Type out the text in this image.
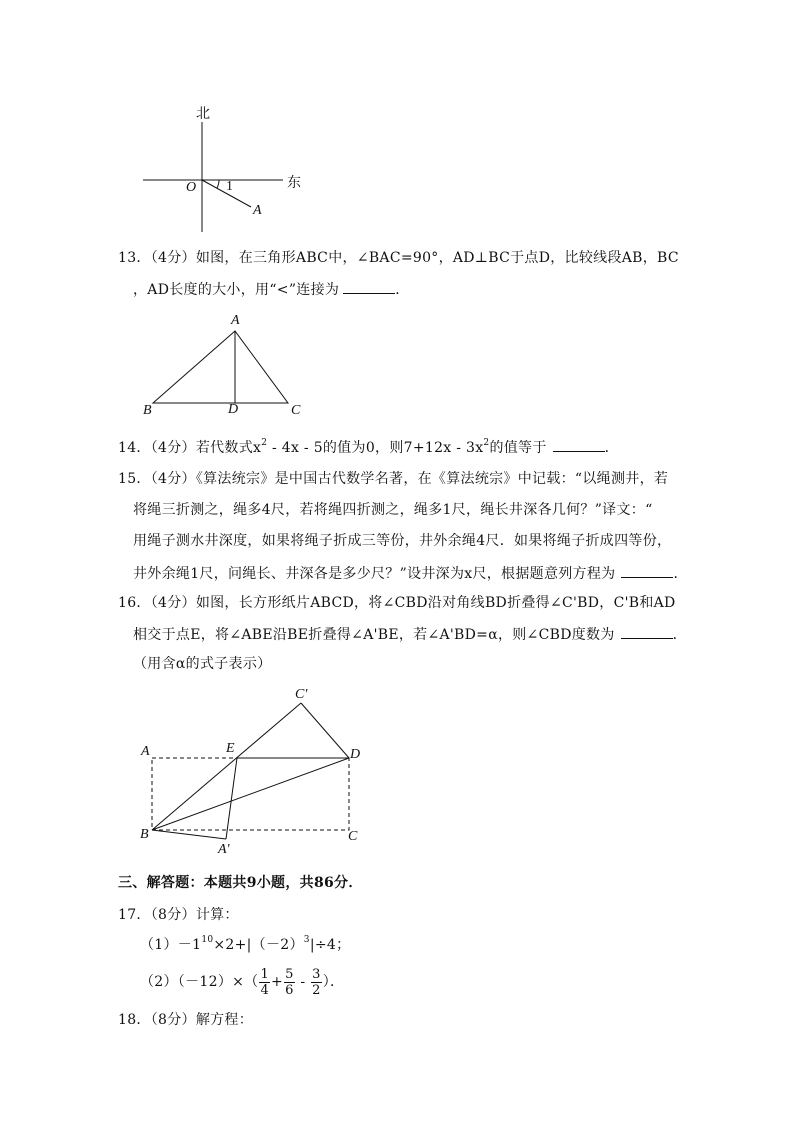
北
东
O 1
A
13．（4分）如图，在三角形ABC中，∠BAC=90°，AD⊥BC于点D，比较线段AB，BC
，AD长度的大小，用“<”连接为	．
A
B	D	C
14．（4分）若代数式$x^2 - 4x - 5$的值为0，则$7+12x - 3x^2$的值等于	．
15．（4分）《算法统宗》是中国古代数学名著，在《算法统宗》中记载：“以绳测井，若
将绳三折测之，绳多4尺，若将绳四折测之，绳多1尺，绳长井深各几何？”译文：“
用绳子测水井深度，如果将绳子折成三等份，井外余绳4尺．如果将绳子折成四等份，
井外余绳1尺，问绳长、井深各是多少尺？”设井深为x尺，根据题意列方程为	．
16．（4分）如图，长方形纸片ABCD，将∠CBD沿对角线BD折叠得∠C'BD，C'B和AD
相交于点E，将∠ABE沿BE折叠得∠A'BE，若∠A'BD=α，则∠CBD度数为	．
（用含α的式子表示）
A	E
C'
D
B	C
A'
三、解答题：本题共9小题，共86分．
17．（8分）计算：
$(1)-1^{10}\times 2+|(-2)^3|\div 4$；
$(2)(-12)\times( \frac{1}{4} + \frac{5}{6} - \frac{3}{2}$ ）．
18．（8分）解方程：
